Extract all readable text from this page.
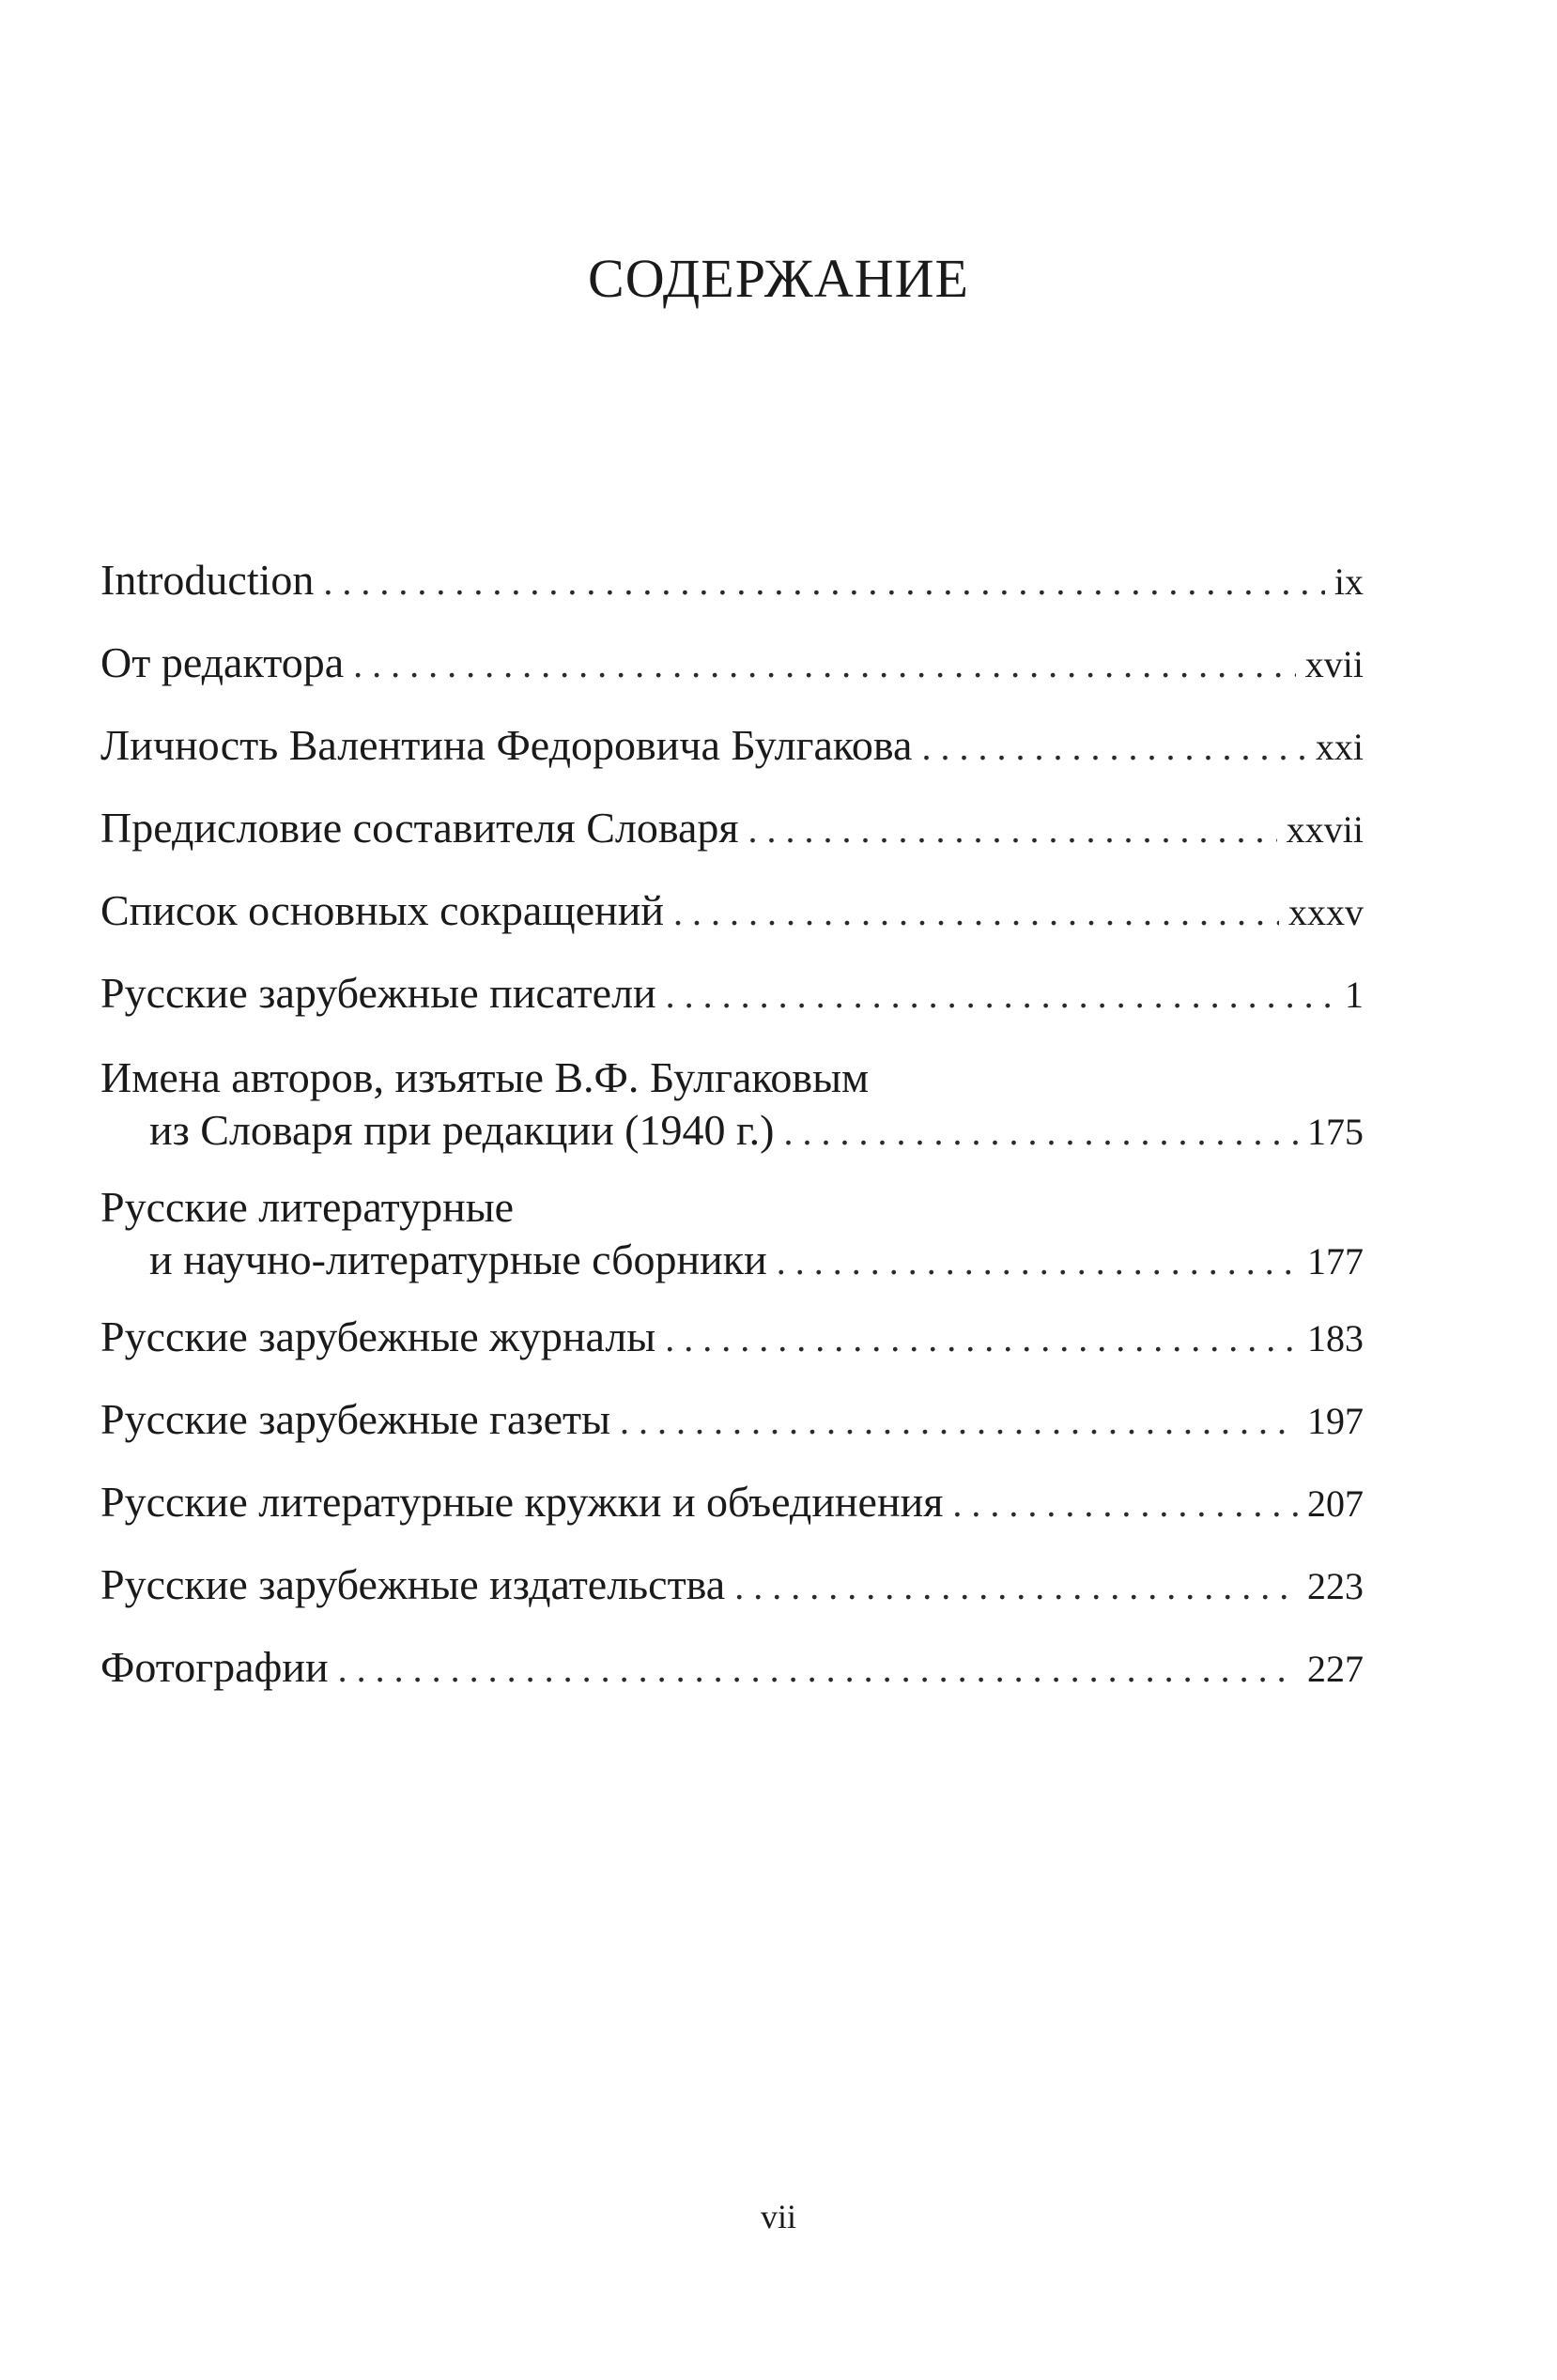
СОДЕРЖАНИЕ
Introduction . . .	ix
От редактора . . .	xvii
Личность Валентина Федоровича Булгакова . . .	xxi
Предисловие составителя Словаря . . .	xxvii
Список основных сокращений . . .	xxxv
Русские зарубежные писатели . . .	1
Имена авторов, изъятые В.Ф. Булгаковым
из Словаря при редакции (1940 г.) . . .	175
Русские литературные
и научно-литературные сборники . . .	177
Русские зарубежные журналы . . .	183
Русские зарубежные газеты . . .	197
Русские литературные кружки и объединения . . .	207
Русские зарубежные издательства . . .	223
Фотографии . . .	227
vii
